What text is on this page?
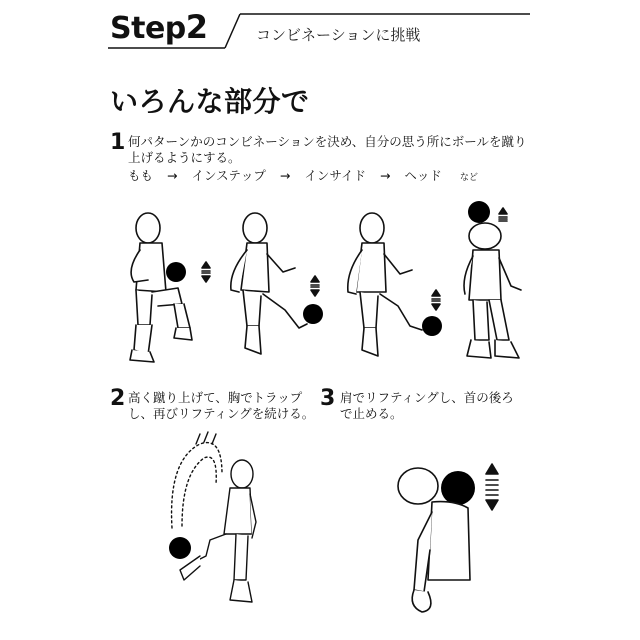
Step2	コンビネーションに挑戦
いろんな部分で
1 何パターンかのコンビネーションを決め、自分の思う所にボールを蹴り
上げるようにする。
もも → インステップ → インサイド → ヘッド など
2 高く蹴り上げて、胸でトラップ
し、再びリフティングを続ける。
3 肩でリフティングし、首の後ろ
で止める。
